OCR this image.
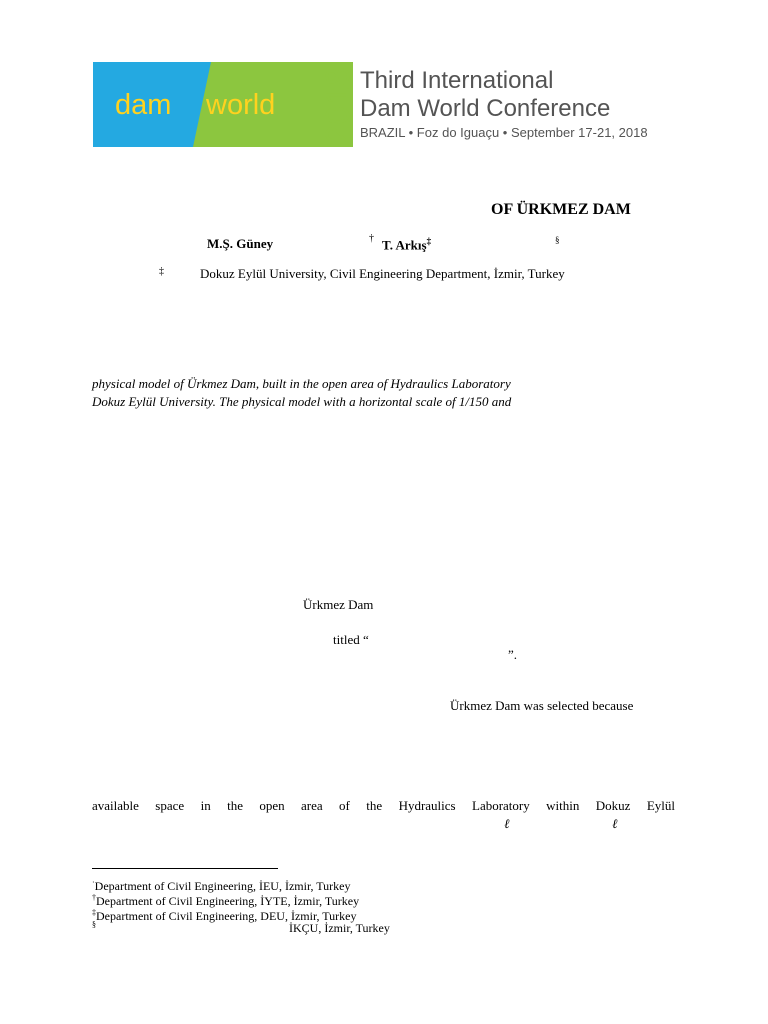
dam world 2018 Third International
Dam World Conference
BRAZIL • Foz do Iguaçu • September 17-21, 2018
OF ÜRKMEZ DAM
M.Ş. Güney	† T. Arkış‡	§
‡	Dokuz Eylül University, Civil Engineering Department, İzmir, Turkey
physical model of Ürkmez Dam, built in the open area of Hydraulics Laboratory
Dokuz Eylül University. The physical model with a horizontal scale of 1/150 and
Ürkmez Dam
titled “
”.
Ürkmez Dam was selected because
available space in the open area of the Hydraulics Laboratory within Dokuz Eylül
ℓ	ℓ
·Department of Civil Engineering, İEU, İzmir, Turkey
†Department of Civil Engineering, İYTE, İzmir, Turkey
‡Department of Civil Engineering, DEU, İzmir, Turkey
§	İKÇU, İzmir, Turkey
